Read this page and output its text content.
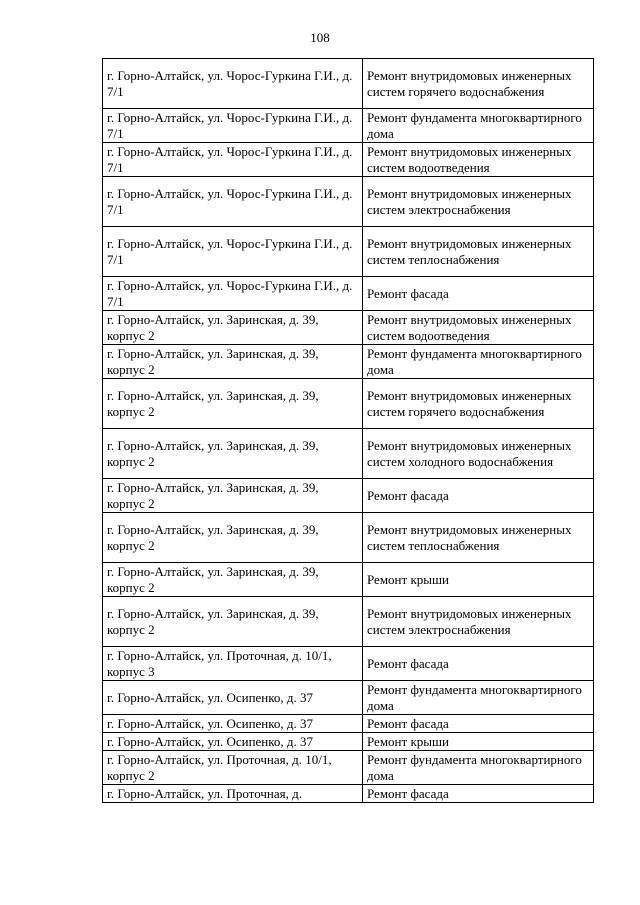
108
г. Горно-Алтайск, ул. Чорос-Гуркина Г.И., д. 7/1	Ремонт внутридомовых инженерных систем горячего водоснабжения
г. Горно-Алтайск, ул. Чорос-Гуркина Г.И., д. 7/1	Ремонт фундамента многоквартирного дома
г. Горно-Алтайск, ул. Чорос-Гуркина Г.И., д. 7/1	Ремонт внутридомовых инженерных систем водоотведения
г. Горно-Алтайск, ул. Чорос-Гуркина Г.И., д. 7/1	Ремонт внутридомовых инженерных систем электроснабжения
г. Горно-Алтайск, ул. Чорос-Гуркина Г.И., д. 7/1	Ремонт внутридомовых инженерных систем теплоснабжения
г. Горно-Алтайск, ул. Чорос-Гуркина Г.И., д. 7/1	Ремонт фасада
г. Горно-Алтайск, ул. Заринская, д. 39, корпус 2	Ремонт внутридомовых инженерных систем водоотведения
г. Горно-Алтайск, ул. Заринская, д. 39, корпус 2	Ремонт фундамента многоквартирного дома
г. Горно-Алтайск, ул. Заринская, д. 39, корпус 2	Ремонт внутридомовых инженерных систем горячего водоснабжения
г. Горно-Алтайск, ул. Заринская, д. 39, корпус 2	Ремонт внутридомовых инженерных систем холодного водоснабжения
г. Горно-Алтайск, ул. Заринская, д. 39, корпус 2	Ремонт фасада
г. Горно-Алтайск, ул. Заринская, д. 39, корпус 2	Ремонт внутридомовых инженерных систем теплоснабжения
г. Горно-Алтайск, ул. Заринская, д. 39, корпус 2	Ремонт крыши
г. Горно-Алтайск, ул. Заринская, д. 39, корпус 2	Ремонт внутридомовых инженерных систем электроснабжения
г. Горно-Алтайск, ул. Проточная, д. 10/1, корпус 3	Ремонт фасада
г. Горно-Алтайск, ул. Осипенко, д. 37	Ремонт фундамента многоквартирного дома
г. Горно-Алтайск, ул. Осипенко, д. 37	Ремонт фасада
г. Горно-Алтайск, ул. Осипенко, д. 37	Ремонт крыши
г. Горно-Алтайск, ул. Проточная, д. 10/1, корпус 2	Ремонт фундамента многоквартирного дома
г. Горно-Алтайск, ул. Проточная, д.	Ремонт фасада
